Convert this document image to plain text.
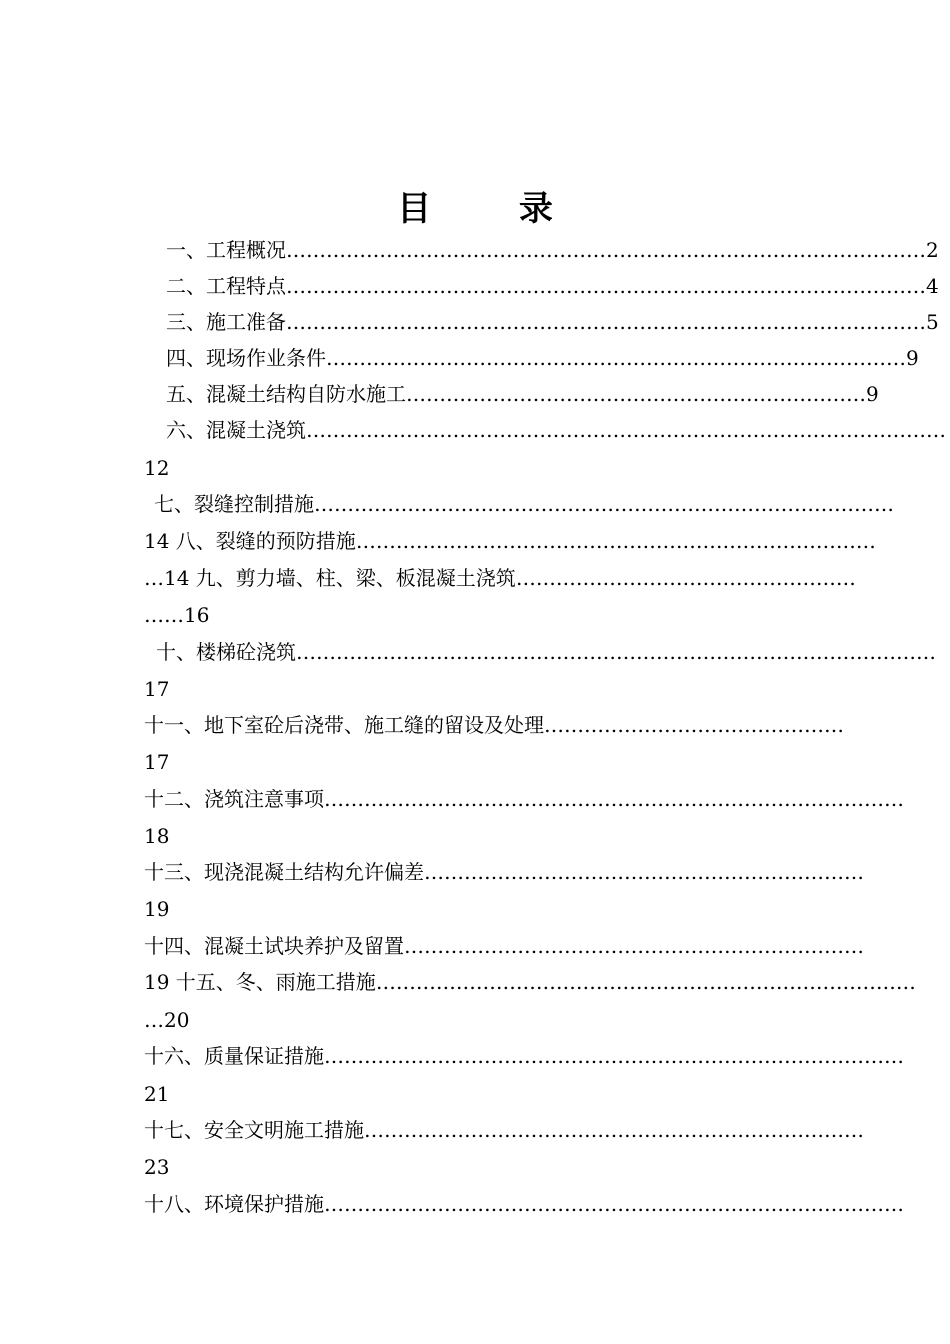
目 录
一、工程概况 …………………………………………………………………………………… 2
二、工程特点 …………………………………………………………………………………… 4
三、施工准备 …………………………………………………………………………………… 5
四、现场作业条件 …………………………………………………………………………… 9
五、混凝土结构自防水施工 …………………………………………………………… 9
六、混凝土浇筑 ……………………………………………………………………………………
12
七、裂缝控制措施 ……………………………………………………………………………
14 八、裂缝的预防措施 ……………………………………………………………………
…14 九、剪力墙、柱、梁、板混凝土浇筑 ……………………………………………
……16
十、楼梯砼浇筑 ……………………………………………………………………………………
17
十一、地下室砼后浇带、施工缝的留设及处理 ………………………………………
17
十二、浇筑注意事项 ……………………………………………………………………………
18
十三、现浇混凝土结构允许偏差 …………………………………………………………
19
十四、混凝土试块养护及留置 ……………………………………………………………
19 十五、冬、雨施工措施 ………………………………………………………………………
…20
十六、质量保证措施 ……………………………………………………………………………
21
十七、安全文明施工措施 …………………………………………………………………
23
十八、环境保护措施 ……………………………………………………………………………
